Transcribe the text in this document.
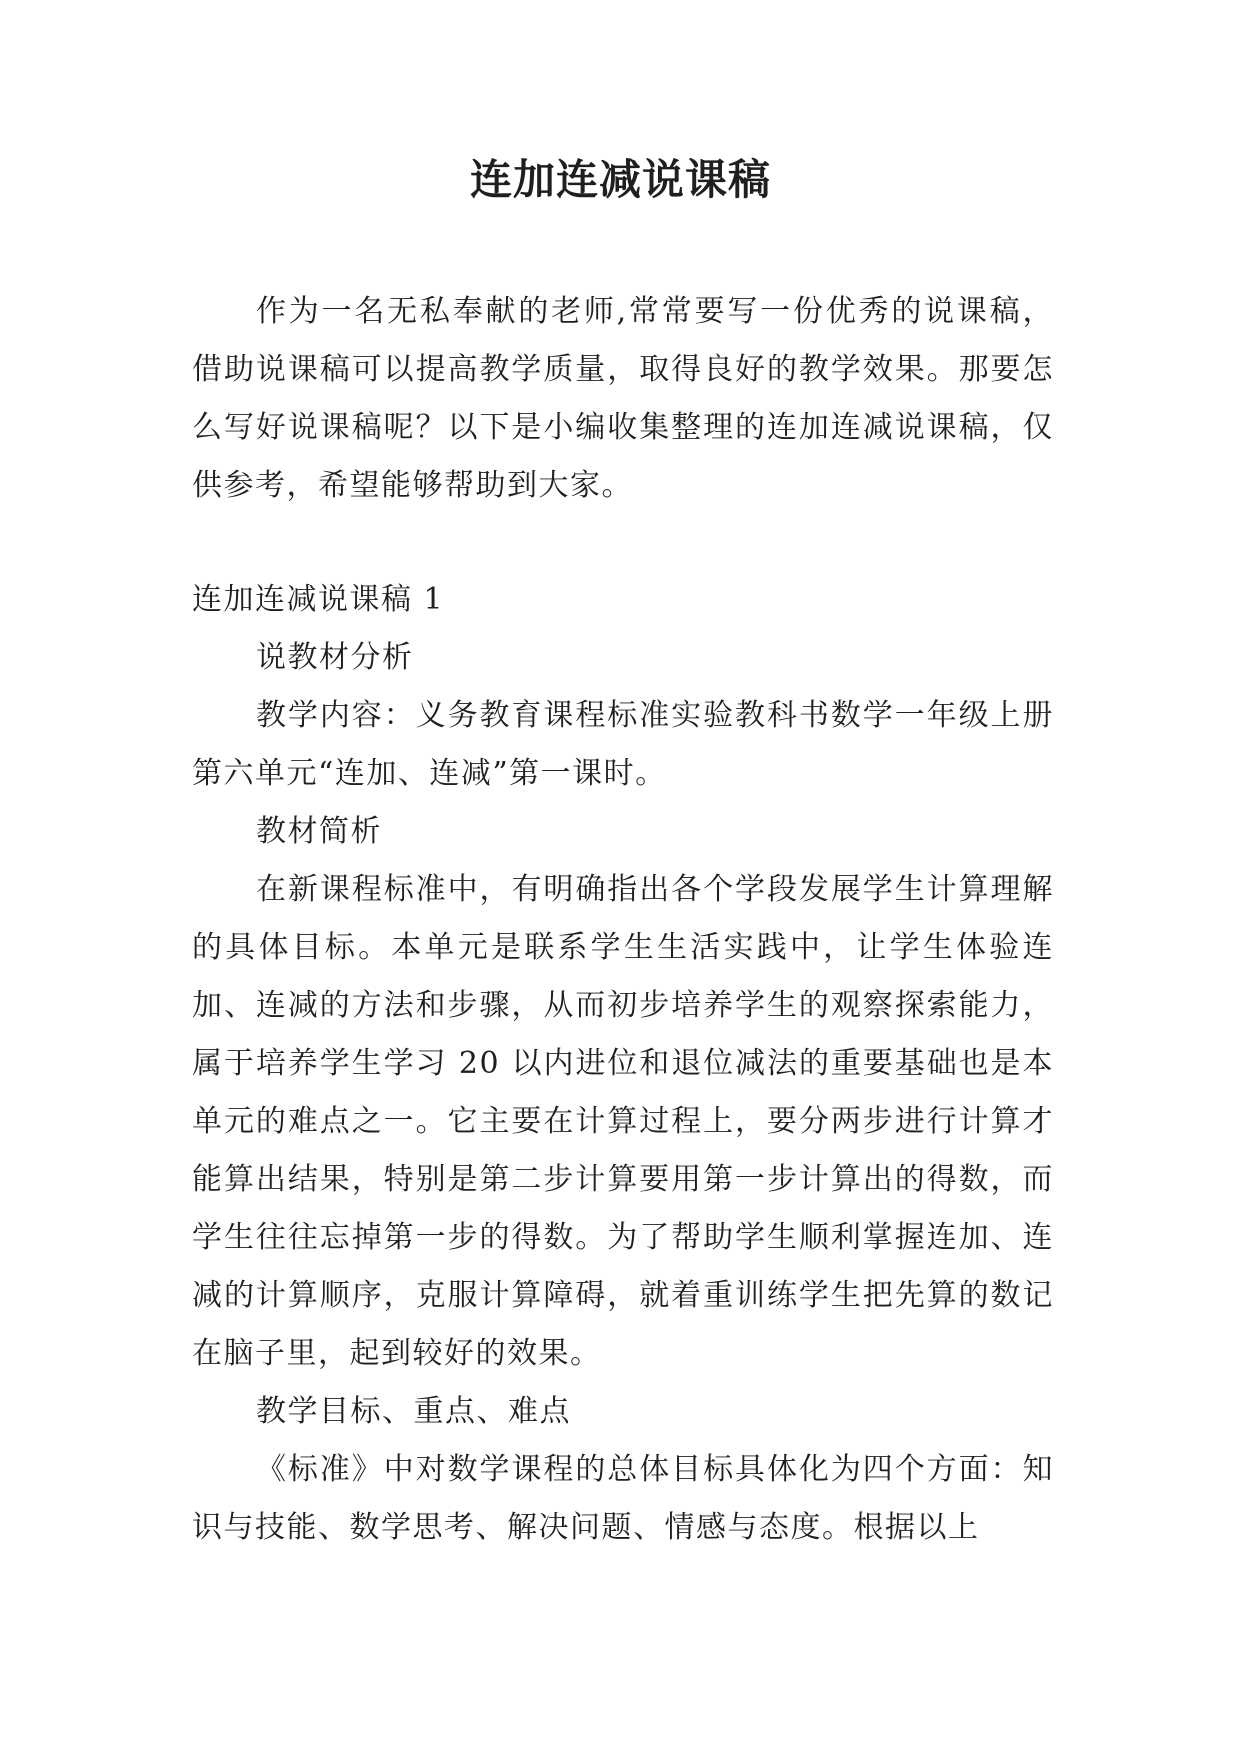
连加连减说课稿

作为一名无私奉献的老师,常常要写一份优秀的说课稿，借助说课稿可以提高教学质量，取得良好的教学效果。那要怎么写好说课稿呢？以下是小编收集整理的连加连减说课稿，仅供参考，希望能够帮助到大家。

连加连减说课稿 1

说教材分析

教学内容：义务教育课程标准实验教科书数学一年级上册第六单元“连加、连减”第一课时。

教材简析

在新课程标准中，有明确指出各个学段发展学生计算理解的具体目标。本单元是联系学生生活实践中，让学生体验连加、连减的方法和步骤，从而初步培养学生的观察探索能力，属于培养学生学习 20 以内进位和退位减法的重要基础也是本单元的难点之一。它主要在计算过程上，要分两步进行计算才能算出结果，特别是第二步计算要用第一步计算出的得数，而学生往往忘掉第一步的得数。为了帮助学生顺利掌握连加、连减的计算顺序，克服计算障碍，就着重训练学生把先算的数记在脑子里，起到较好的效果。

教学目标、重点、难点

《标准》中对数学课程的总体目标具体化为四个方面：知识与技能、数学思考、解决问题、情感与态度。根据以上
